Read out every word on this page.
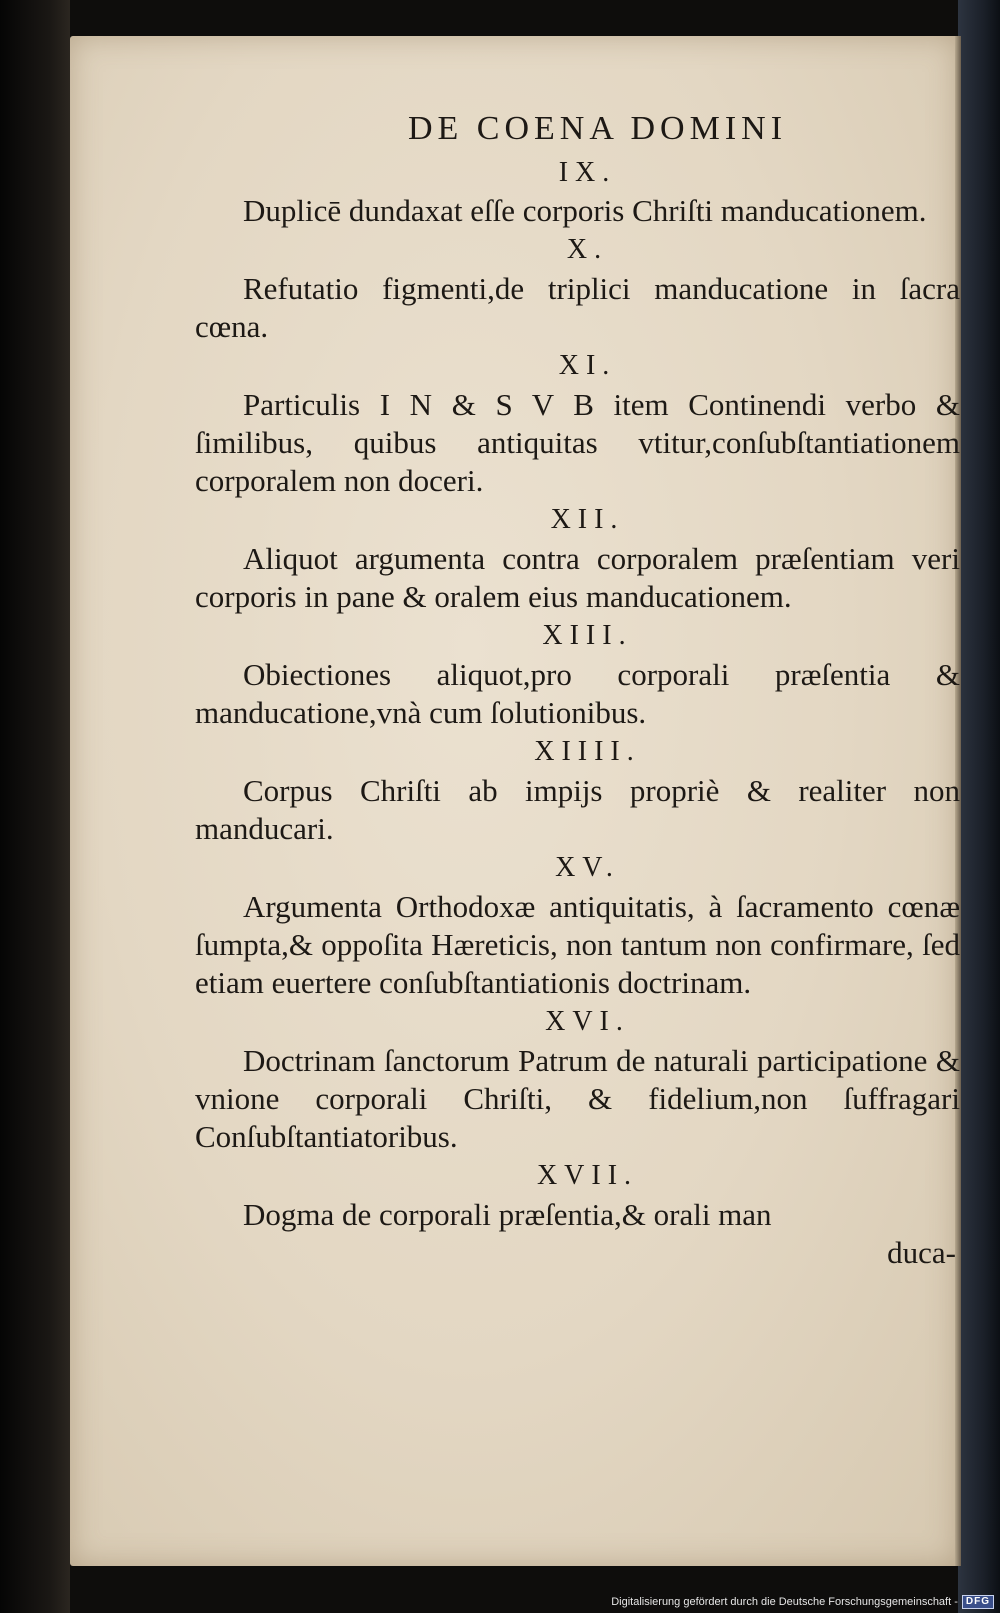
DE COENA DOMINI
IX.
Duplicē dundaxat eſſe corporis Chriſti manducationem.
X.
Refutatio figmenti,de triplici manducatione in ſacra cœna.
XI.
Particulis I N & S V B item Continendi verbo & ſimilibus, quibus antiquitas vtitur,conſubſtantiationem corporalem non doceri.
XII.
Aliquot argumenta contra corporalem præſentiam veri corporis in pane & oralem eius manducationem.
XIII.
Obiectiones aliquot,pro corporali præſentia & manducatione,vnà cum ſolutionibus.
XIIII.
Corpus Chriſti ab impijs propriè & realiter non manducari.
XV.
Argumenta Orthodoxæ antiquitatis, à ſacramento cœnæ ſumpta,& oppoſita Hæreticis, non tantum non confirmare, ſed etiam euertere conſubſtantiationis doctrinam.
XVI.
Doctrinam ſanctorum Patrum de naturali participatione & vnione corporali Chriſti, & fidelium,non ſuffragari Conſubſtantiatoribus.
XVII.
Dogma de corporali præſentia,& orali man
duca-
Digitalisierung gefördert durch die Deutsche Forschungsgemeinschaft - DFG
